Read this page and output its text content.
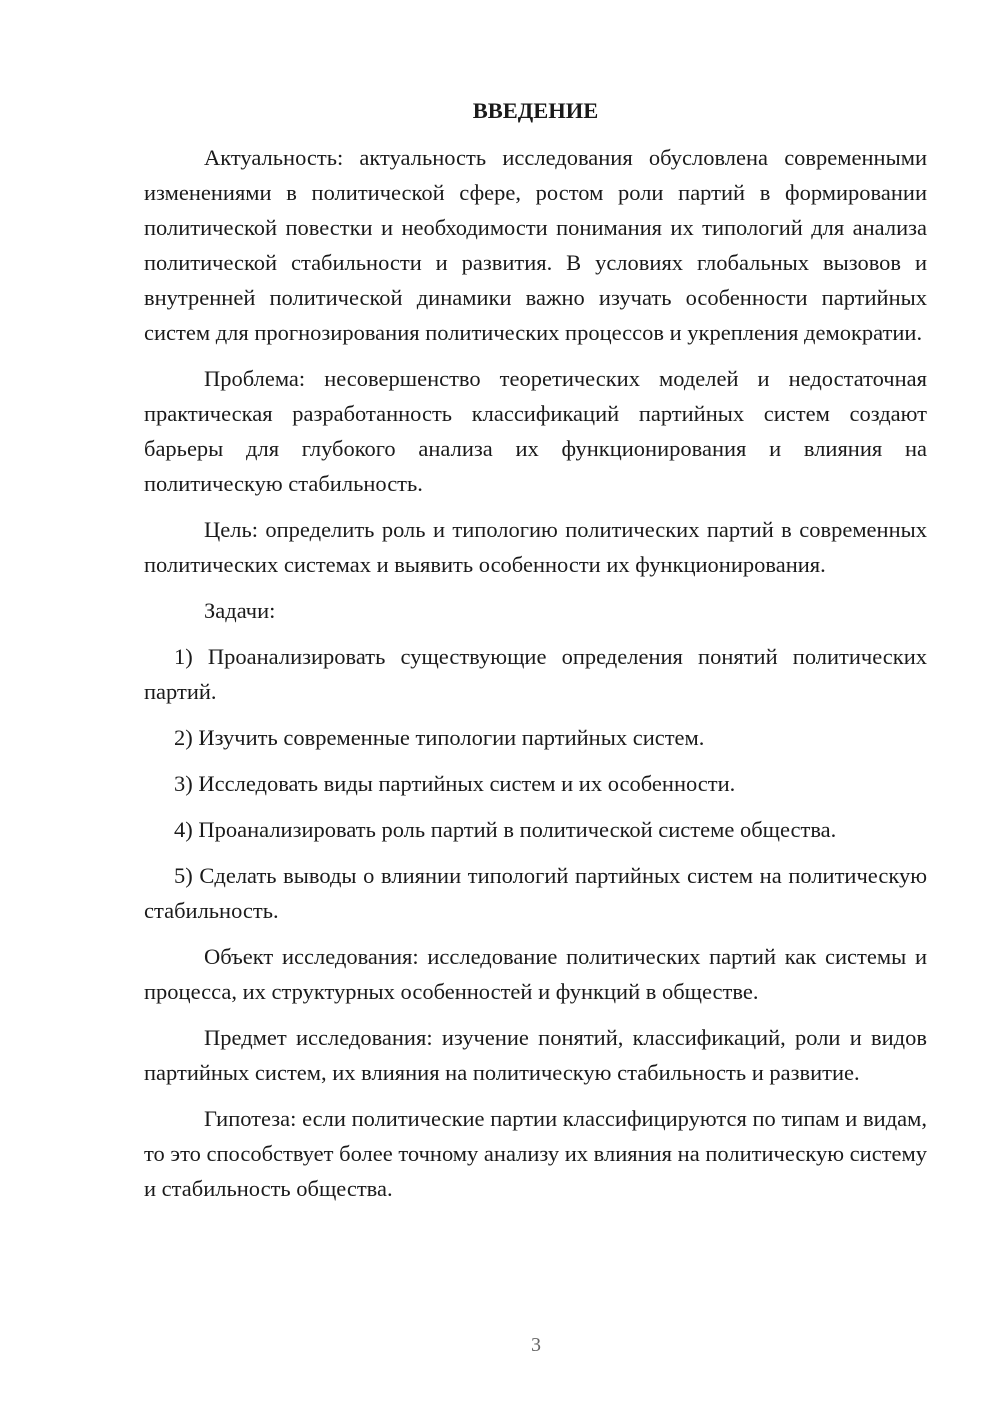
ВВЕДЕНИЕ

Актуальность: актуальность исследования обусловлена современными изменениями в политической сфере, ростом роли партий в формировании политической повестки и необходимости понимания их типологий для анализа политической стабильности и развития. В условиях глобальных вызовов и внутренней политической динамики важно изучать особенности партийных систем для прогнозирования политических процессов и укрепления демократии.

Проблема: несовершенство теоретических моделей и недостаточная практическая разработанность классификаций партийных систем создают барьеры для глубокого анализа их функционирования и влияния на политическую стабильность.

Цель: определить роль и типологию политических партий в современных политических системах и выявить особенности их функционирования.

Задачи:

1) Проанализировать существующие определения понятий политических партий.

2) Изучить современные типологии партийных систем.

3) Исследовать виды партийных систем и их особенности.

4) Проанализировать роль партий в политической системе общества.

5) Сделать выводы о влиянии типологий партийных систем на политическую стабильность.

Объект исследования: исследование политических партий как системы и процесса, их структурных особенностей и функций в обществе.

Предмет исследования: изучение понятий, классификаций, роли и видов партийных систем, их влияния на политическую стабильность и развитие.

Гипотеза: если политические партии классифицируются по типам и видам, то это способствует более точному анализу их влияния на политическую систему и стабильность общества.

3
